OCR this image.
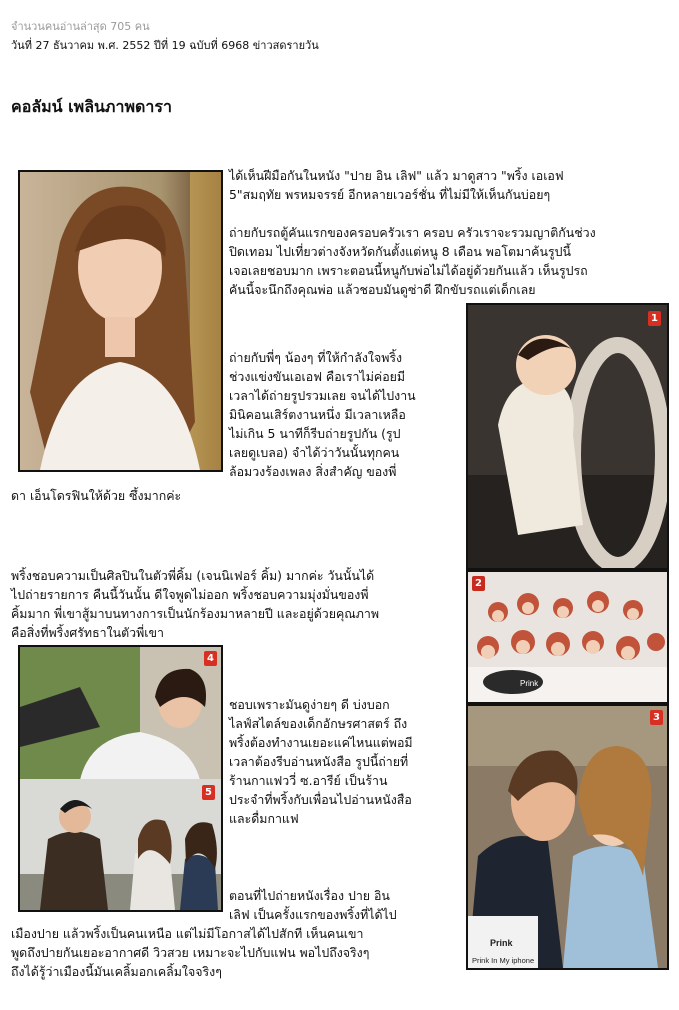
จำนวนคนอ่านล่าสุด 705 คน
วันที่ 27 ธันวาคม พ.ศ. 2552 ปีที่ 19 ฉบับที่ 6968 ข่าวสดรายวัน
คอลัมน์ เพลินภาพดารา
1
Prink
2
Prink
Prink In My iphone
3
4
5
ได้เห็นฝีมือกันในหนัง "ปาย อิน เลิฟ" แล้ว มาดูสาว "พริ้ง เอเอฟ
5"สมฤทัย พรหมจรรย์ อีกหลายเวอร์ชั่น ที่ไม่มีให้เห็นกันบ่อยๆ
ถ่ายกับรถตู้คันแรกของครอบครัวเรา ครอบ ครัวเราจะรวมญาติกันช่วง
ปิดเทอม ไปเที่ยวต่างจังหวัดกันตั้งแต่หนู 8 เดือน พอโตมาค้นรูปนี้
เจอเลยชอบมาก เพราะตอนนี้หนูกับพ่อไม่ได้อยู่ด้วยกันแล้ว เห็นรูปรถ
คันนี้จะนึกถึงคุณพ่อ แล้วชอบมันดูซ่าดี ฝึกขับรถแต่เด็กเลย
ถ่ายกับพี่ๆ น้องๆ ที่ให้กำลังใจพริ้ง
ช่วงแข่งขันเอเอฟ คือเราไม่ค่อยมี
เวลาได้ถ่ายรูปรวมเลย จนได้ไปงาน
มินิคอนเสิร์ตงานหนึ่ง มีเวลาเหลือ
ไม่เกิน 5 นาทีก็รีบถ่ายรูปกัน (รูป
เลยดูเบลอ) จำได้ว่าวันนั้นทุกคน
ล้อมวงร้องเพลง สิ่งสำคัญ ของพี่
ดา เอ็นโดรฟินให้ด้วย ซึ้งมากค่ะ
พริ้งชอบความเป็นศิลปินในตัวพี่คิ้ม (เจนนิเฟอร์ คิ้ม) มากค่ะ วันนั้นได้
ไปถ่ายรายการ คืนนี้วันนั้น ดีใจพูดไม่ออก พริ้งชอบความมุ่งมั่นของพี่
คิ้มมาก พี่เขาสู้มาบนทางการเป็นนักร้องมาหลายปี และอยู่ด้วยคุณภาพ
คือสิ่งที่พริ้งศรัทธาในตัวพี่เขา
ชอบเพราะมันดูง่ายๆ ดี บ่งบอก
ไลฟ์สไตล์ของเด็กอักษรศาสตร์ ถึง
พริ้งต้องทำงานเยอะแค่ไหนแต่พอมี
เวลาต้องรีบอ่านหนังสือ รูปนี้ถ่ายที่
ร้านกาแฟววี่ ซ.อารีย์ เป็นร้าน
ประจำที่พริ้งกับเพื่อนไปอ่านหนังสือ
และดื่มกาแฟ
ตอนที่ไปถ่ายหนังเรื่อง ปาย อิน
เลิฟ เป็นครั้งแรกของพริ้งที่ได้ไป
เมืองปาย แล้วพริ้งเป็นคนเหนือ แต่ไม่มีโอกาสได้ไปสักที เห็นคนเขา
พูดถึงปายกันเยอะอากาศดี วิวสวย เหมาะจะไปกับแฟน พอไปถึงจริงๆ
ถึงได้รู้ว่าเมืองนี้มันเคลิ้มอกเคลิ้มใจจริงๆ
